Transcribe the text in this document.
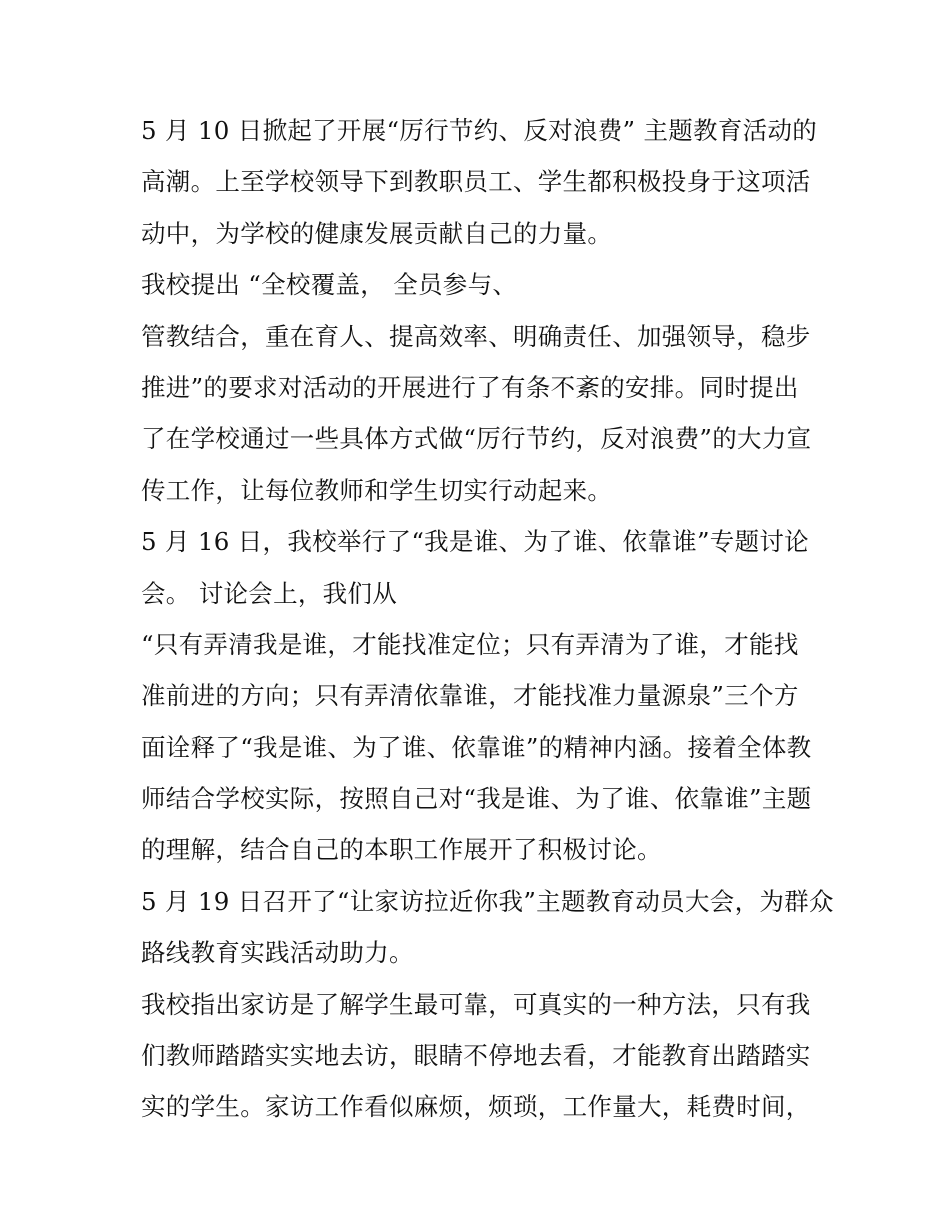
5 月 10 日掀起了开展“厉行节约、反对浪费” 主题教育活动的
高潮。上至学校领导下到教职员工、学生都积极投身于这项活
动中，为学校的健康发展贡献自己的力量。
我校提出 “全校覆盖， 全员参与、
管教结合，重在育人、提高效率、明确责任、加强领导，稳步
推进”的要求对活动的开展进行了有条不紊的安排。同时提出
了在学校通过一些具体方式做“厉行节约，反对浪费”的大力宣
传工作，让每位教师和学生切实行动起来。
5 月 16 日，我校举行了“我是谁、为了谁、依靠谁”专题讨论
会。 讨论会上，我们从
“只有弄清我是谁，才能找准定位；只有弄清为了谁，才能找
准前进的方向；只有弄清依靠谁，才能找准力量源泉”三个方
面诠释了“我是谁、为了谁、依靠谁”的精神内涵。接着全体教
师结合学校实际，按照自己对“我是谁、为了谁、依靠谁”主题
的理解，结合自己的本职工作展开了积极讨论。
5 月 19 日召开了“让家访拉近你我”主题教育动员大会，为群众
路线教育实践活动助力。
我校指出家访是了解学生最可靠，可真实的一种方法，只有我
们教师踏踏实实地去访，眼睛不停地去看，才能教育出踏踏实
实的学生。家访工作看似麻烦，烦琐，工作量大，耗费时间，
